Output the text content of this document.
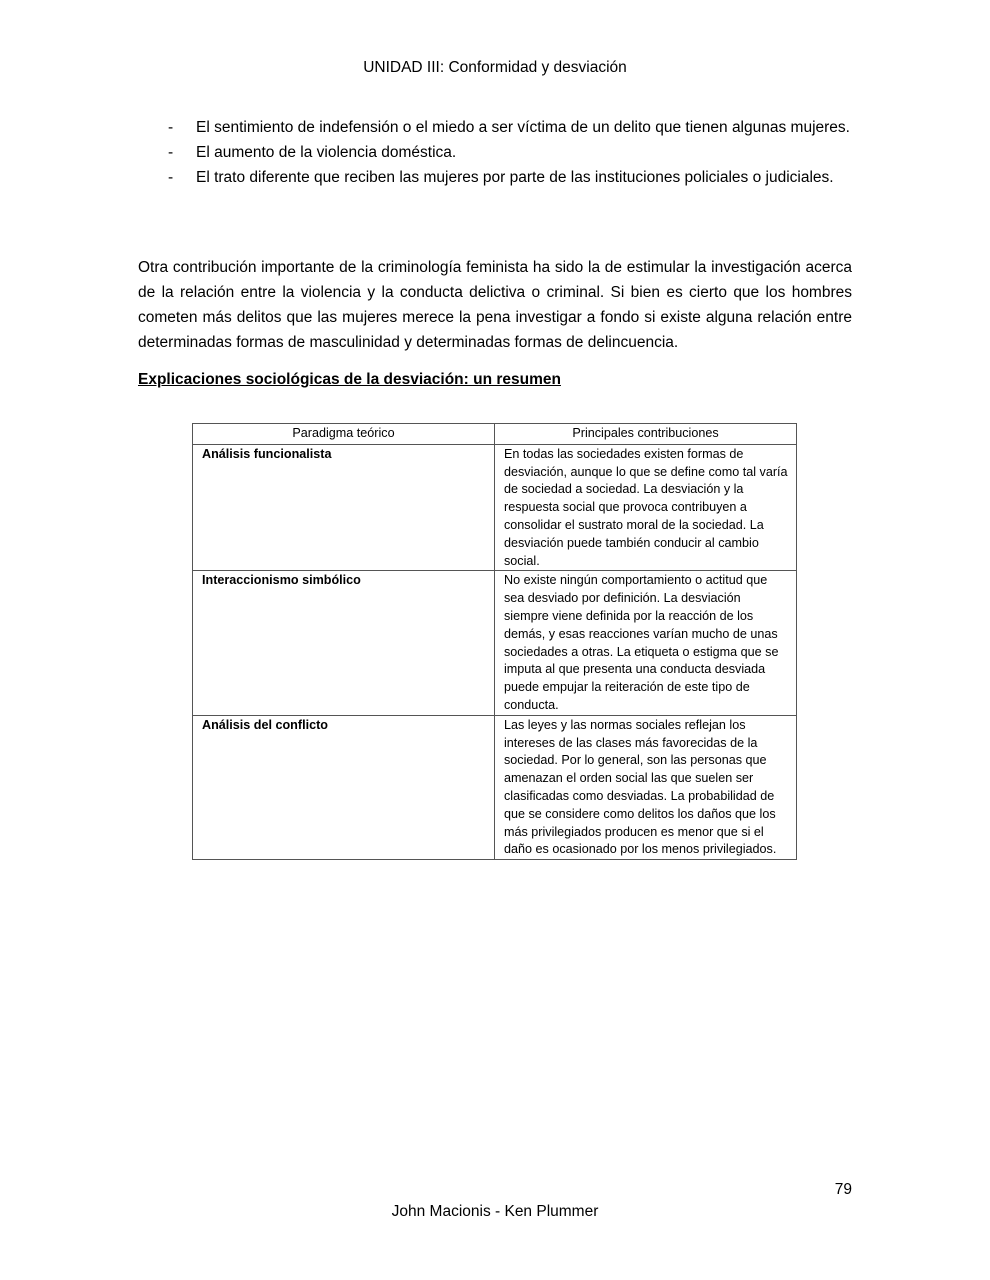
UNIDAD III: Conformidad y desviación
- El sentimiento de indefensión o el miedo a ser víctima de un delito que tienen algunas mujeres.
- El aumento de la violencia doméstica.
- El trato diferente que reciben las mujeres por parte de las instituciones policiales o judiciales.

Otra contribución importante de la criminología feminista ha sido la de estimular la investigación acerca de la relación entre la violencia y la conducta delictiva o criminal. Si bien es cierto que los hombres cometen más delitos que las mujeres merece la pena investigar a fondo si existe alguna relación entre determinadas formas de masculinidad y determinadas formas de delincuencia.

Explicaciones sociológicas de la desviación: un resumen
Paradigma teórico	Principales contribuciones
Análisis funcionalista	En todas las sociedades existen formas de desviación, aunque lo que se define como tal varía de sociedad a sociedad. La desviación y la respuesta social que provoca contribuyen a consolidar el sustrato moral de la sociedad. La desviación puede también conducir al cambio social.
Interaccionismo simbólico	No existe ningún comportamiento o actitud que sea desviado por definición. La desviación siempre viene definida por la reacción de los demás, y esas reacciones varían mucho de unas sociedades a otras. La etiqueta o estigma que se imputa al que presenta una conducta desviada puede empujar la reiteración de este tipo de conducta.
Análisis del conflicto	Las leyes y las normas sociales reflejan los intereses de las clases más favorecidas de la sociedad. Por lo general, son las personas que amenazan el orden social las que suelen ser clasificadas como desviadas. La probabilidad de que se considere como delitos los daños que los más privilegiados producen es menor que si el daño es ocasionado por los menos privilegiados.
79
John Macionis - Ken Plummer
